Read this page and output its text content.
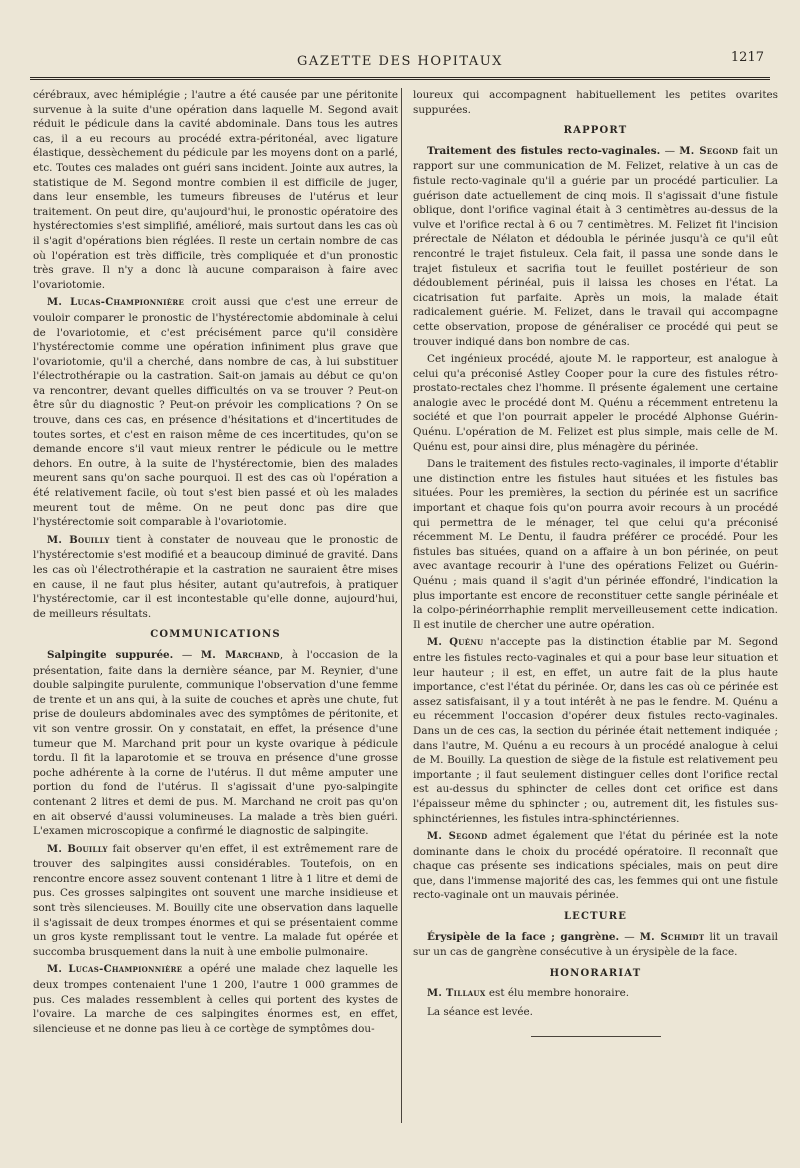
GAZETTE DES HOPITAUX	1217

cérébraux, avec hémiplégie ; l'autre a été causée par une péritonite survenue à la suite d'une opération dans laquelle M. Segond avait réduit le pédicule dans la cavité abdominale. Dans tous les autres cas, il a eu recours au procédé extra-péritonéal, avec ligature élastique, dessèchement du pédicule par les moyens dont on a parlé, etc. Toutes ces malades ont guéri sans incident. Jointe aux autres, la statistique de M. Segond montre combien il est difficile de juger, dans leur ensemble, les tumeurs fibreuses de l'utérus et leur traitement. On peut dire, qu'aujourd'hui, le pronostic opératoire des hystérectomies s'est simplifié, amélioré, mais surtout dans les cas où il s'agit d'opérations bien réglées. Il reste un certain nombre de cas où l'opération est très difficile, très compliquée et d'un pronostic très grave. Il n'y a donc là aucune comparaison à faire avec l'ovariotomie.

M. Lucas-Championnière croit aussi que c'est une erreur de vouloir comparer le pronostic de l'hystérectomie abdominale à celui de l'ovariotomie, et c'est précisément parce qu'il considère l'hystérectomie comme une opération infiniment plus grave que l'ovariotomie, qu'il a cherché, dans nombre de cas, à lui substituer l'électrothérapie ou la castration. Sait-on jamais au début ce qu'on va rencontrer, devant quelles difficultés on va se trouver ? Peut-on être sûr du diagnostic ? Peut-on prévoir les complications ? On se trouve, dans ces cas, en présence d'hésitations et d'incertitudes de toutes sortes, et c'est en raison même de ces incertitudes, qu'on se demande encore s'il vaut mieux rentrer le pédicule ou le mettre dehors. En outre, à la suite de l'hystérectomie, bien des malades meurent sans qu'on sache pourquoi. Il est des cas où l'opération a été relativement facile, où tout s'est bien passé et où les malades meurent tout de même. On ne peut donc pas dire que l'hystérectomie soit comparable à l'ovariotomie.

M. Bouilly tient à constater de nouveau que le pronostic de l'hystérectomie s'est modifié et a beaucoup diminué de gravité. Dans les cas où l'électrothérapie et la castration ne sauraient être mises en cause, il ne faut plus hésiter, autant qu'autrefois, à pratiquer l'hystérectomie, car il est incontestable qu'elle donne, aujourd'hui, de meilleurs résultats.

COMMUNICATIONS

Salpingite suppurée. — M. Marchand, à l'occasion de la présentation, faite dans la dernière séance, par M. Reynier, d'une double salpingite purulente, communique l'observation d'une femme de trente et un ans qui, à la suite de couches et après une chute, fut prise de douleurs abdominales avec des symptômes de péritonite, et vit son ventre grossir. On y constatait, en effet, la présence d'une tumeur que M. Marchand prit pour un kyste ovarique à pédicule tordu. Il fit la laparotomie et se trouva en présence d'une grosse poche adhérente à la corne de l'utérus. Il dut même amputer une portion du fond de l'utérus. Il s'agissait d'une pyo-salpingite contenant 2 litres et demi de pus. M. Marchand ne croit pas qu'on en ait observé d'aussi volumineuses. La malade a très bien guéri. L'examen microscopique a confirmé le diagnostic de salpingite.

M. Bouilly fait observer qu'en effet, il est extrêmement rare de trouver des salpingites aussi considérables. Toutefois, on en rencontre encore assez souvent contenant 1 litre à 1 litre et demi de pus. Ces grosses salpingites ont souvent une marche insidieuse et sont très silencieuses. M. Bouilly cite une observation dans laquelle il s'agissait de deux trompes énormes et qui se présentaient comme un gros kyste remplissant tout le ventre. La malade fut opérée et succomba brusquement dans la nuit à une embolie pulmonaire.

M. Lucas-Championnière a opéré une malade chez laquelle les deux trompes contenaient l'une 1 200, l'autre 1 000 grammes de pus. Ces malades ressemblent à celles qui portent des kystes de l'ovaire. La marche de ces salpingites énormes est, en effet, silencieuse et ne donne pas lieu à ce cortège de symptômes dou-

loureux qui accompagnent habituellement les petites ovarites suppurées.

RAPPORT

Traitement des fistules recto-vaginales. — M. Segond fait un rapport sur une communication de M. Felizet, relative à un cas de fistule recto-vaginale qu'il a guérie par un procédé particulier. La guérison date actuellement de cinq mois. Il s'agissait d'une fistule oblique, dont l'orifice vaginal était à 3 centimètres au-dessus de la vulve et l'orifice rectal à 6 ou 7 centimètres. M. Felizet fit l'incision prérectale de Nélaton et dédoubla le périnée jusqu'à ce qu'il eût rencontré le trajet fistuleux. Cela fait, il passa une sonde dans le trajet fistuleux et sacrifia tout le feuillet postérieur de son dédoublement périnéal, puis il laissa les choses en l'état. La cicatrisation fut parfaite. Après un mois, la malade était radicalement guérie. M. Felizet, dans le travail qui accompagne cette observation, propose de généraliser ce procédé qui peut se trouver indiqué dans bon nombre de cas.

Cet ingénieux procédé, ajoute M. le rapporteur, est analogue à celui qu'a préconisé Astley Cooper pour la cure des fistules rétro-prostato-rectales chez l'homme. Il présente également une certaine analogie avec le procédé dont M. Quénu a récemment entretenu la société et que l'on pourrait appeler le procédé Alphonse Guérin-Quénu. L'opération de M. Felizet est plus simple, mais celle de M. Quénu est, pour ainsi dire, plus ménagère du périnée.

Dans le traitement des fistules recto-vaginales, il importe d'établir une distinction entre les fistules haut situées et les fistules bas situées. Pour les premières, la section du périnée est un sacrifice important et chaque fois qu'on pourra avoir recours à un procédé qui permettra de le ménager, tel que celui qu'a préconisé récemment M. Le Dentu, il faudra préférer ce procédé. Pour les fistules bas situées, quand on a affaire à un bon périnée, on peut avec avantage recourir à l'une des opérations Felizet ou Guérin-Quénu ; mais quand il s'agit d'un périnée effondré, l'indication la plus importante est encore de reconstituer cette sangle périnéale et la colpo-périnéorrhaphie remplit merveilleusement cette indication. Il est inutile de chercher une autre opération.

M. Quénu n'accepte pas la distinction établie par M. Segond entre les fistules recto-vaginales et qui a pour base leur situation et leur hauteur ; il est, en effet, un autre fait de la plus haute importance, c'est l'état du périnée. Or, dans les cas où ce périnée est assez satisfaisant, il y a tout intérêt à ne pas le fendre. M. Quénu a eu récemment l'occasion d'opérer deux fistules recto-vaginales. Dans un de ces cas, la section du périnée était nettement indiquée ; dans l'autre, M. Quénu a eu recours à un procédé analogue à celui de M. Bouilly. La question de siège de la fistule est relativement peu importante ; il faut seulement distinguer celles dont l'orifice rectal est au-dessus du sphincter de celles dont cet orifice est dans l'épaisseur même du sphincter ; ou, autrement dit, les fistules sus-sphinctériennes, les fistules intra-sphinctériennes.

M. Segond admet également que l'état du périnée est la note dominante dans le choix du procédé opératoire. Il reconnaît que chaque cas présente ses indications spéciales, mais on peut dire que, dans l'immense majorité des cas, les femmes qui ont une fistule recto-vaginale ont un mauvais périnée.

LECTURE

Érysipèle de la face ; gangrène. — M. Schmidt lit un travail sur un cas de gangrène consécutive à un érysipèle de la face.

HONORARIAT

M. Tillaux est élu membre honoraire.

La séance est levée.
